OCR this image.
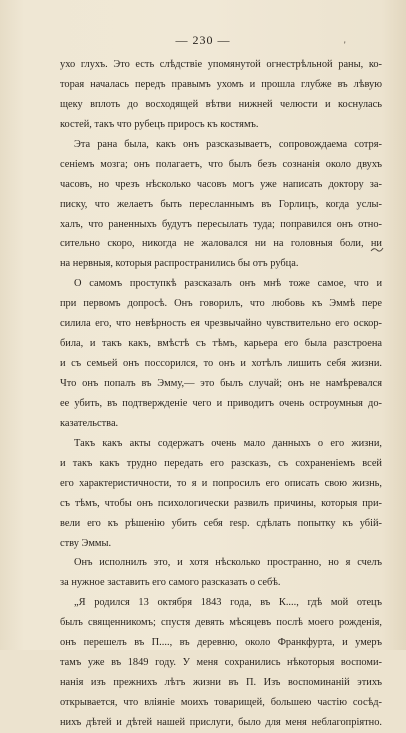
— 230 —	'
ухо глухъ. Это есть слѣдствіе упомянутой огнестрѣльной раны, ко-
торая началась передъ правымъ ухомъ и прошла глубже въ лѣвую
щеку вплоть до восходящей вѣтви нижней челюсти и коснулась
костей, такъ что рубецъ приросъ къ костямъ.
Эта рана была, какъ онъ разсказываетъ, сопровождаема сотря-
сеніемъ мозга; онъ полагаетъ, что былъ безъ сознанія около двухъ
часовъ, но чрезъ нѣсколько часовъ могъ уже написать доктору за-
писку, что желаетъ быть пересланнымъ въ Горлицъ, когда услы-
халъ, что раненныхъ будутъ пересылать туда; поправился онъ отно-
сительно скоро, никогда не жаловался ни на головныя боли, ни
на нервныя, которыя распространились бы отъ рубца.
О самомъ проступкѣ разсказалъ онъ мнѣ тоже самое, что и
при первомъ допросѣ. Онъ говорилъ, что любовь къ Эммѣ пере
силила его, что невѣрность ея чрезвычайно чувствительно его оскор-
била, и такъ какъ, вмѣстѣ съ тѣмъ, карьера его была разстроена
и съ семьей онъ поссорился, то онъ и хотѣлъ лишить себя жизни.
Что онъ попалъ въ Эмму,— это былъ случай; онъ не намѣревался
ее убить, въ подтвержденіе чего и приводитъ очень остроумныя до-
казательства.
Такъ какъ акты содержатъ очень мало данныхъ о его жизни,
и такъ какъ трудно передать его разсказъ, съ сохраненіемъ всей
его характеристичности, то я и попросилъ его описать свою жизнь,
съ тѣмъ, чтобы онъ психологически развилъ причины, которыя при-
вели его къ рѣшенію убить себя resp. сдѣлать попытку къ убій-
ству Эммы.
Онъ исполнилъ это, и хотя нѣсколько пространно, но я счелъ
за нужное заставить его самого разсказать о себѣ.
„Я родился 13 октября 1843 года, въ К...., гдѣ мой отецъ
былъ священникомъ; спустя девять мѣсяцевъ послѣ моего рожденія,
онъ перешелъ въ П...., въ деревню, около Франкфурта, и умеръ
тамъ уже въ 1849 году. У меня сохранились нѣкоторыя воспоми-
нанія изъ прежнихъ лѣтъ жизни въ П. Изъ воспоминаній этихъ
открывается, что вліяніе моихъ товарищей, большею частію сосѣд-
нихъ дѣтей и дѣтей нашей прислуги, было для меня неблагопріятно.
